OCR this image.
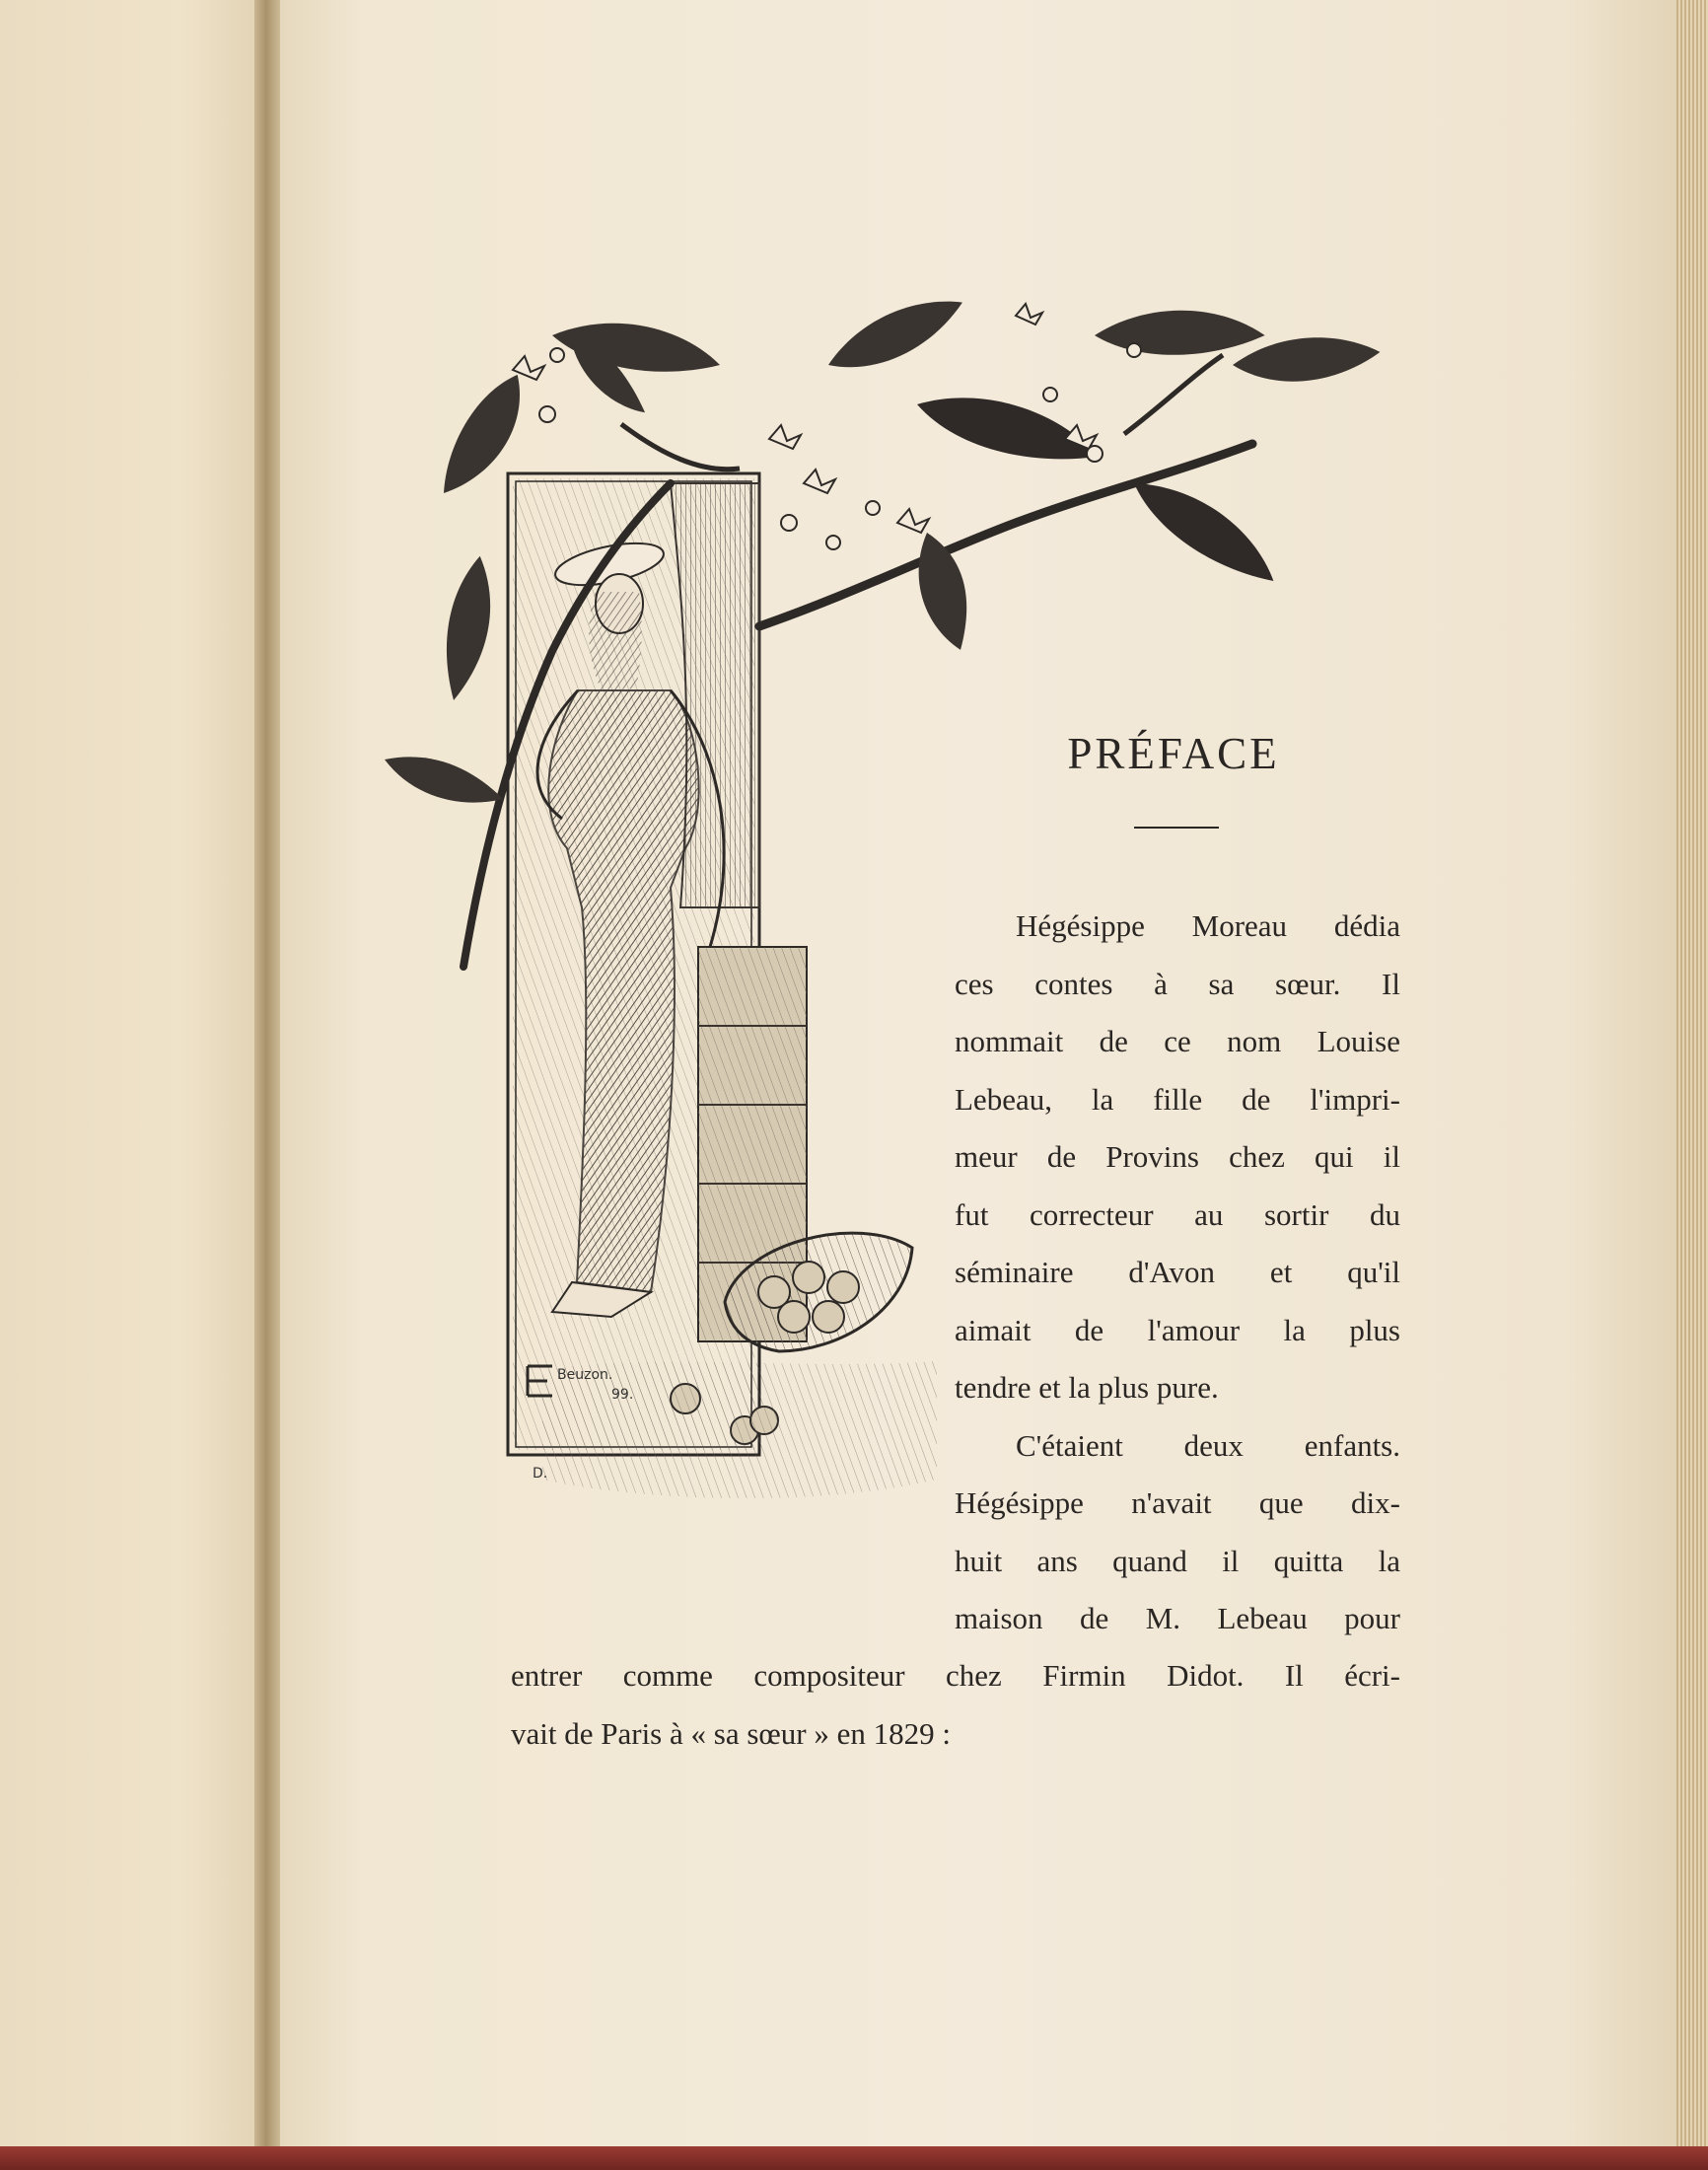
Beuzon.
99.
D.
PRÉFACE
Hégésippe Moreau dédia
ces contes à sa sœur. Il
nommait de ce nom Louise
Lebeau, la fille de l'impri-
meur de Provins chez qui il
fut correcteur au sortir du
séminaire d'Avon et qu'il
aimait de l'amour la plus
tendre et la plus pure.
C'étaient deux enfants.
Hégésippe n'avait que dix-
huit ans quand il quitta la
maison de M. Lebeau pour
entrer comme compositeur chez Firmin Didot. Il écri-
vait de Paris à « sa sœur » en 1829 :
